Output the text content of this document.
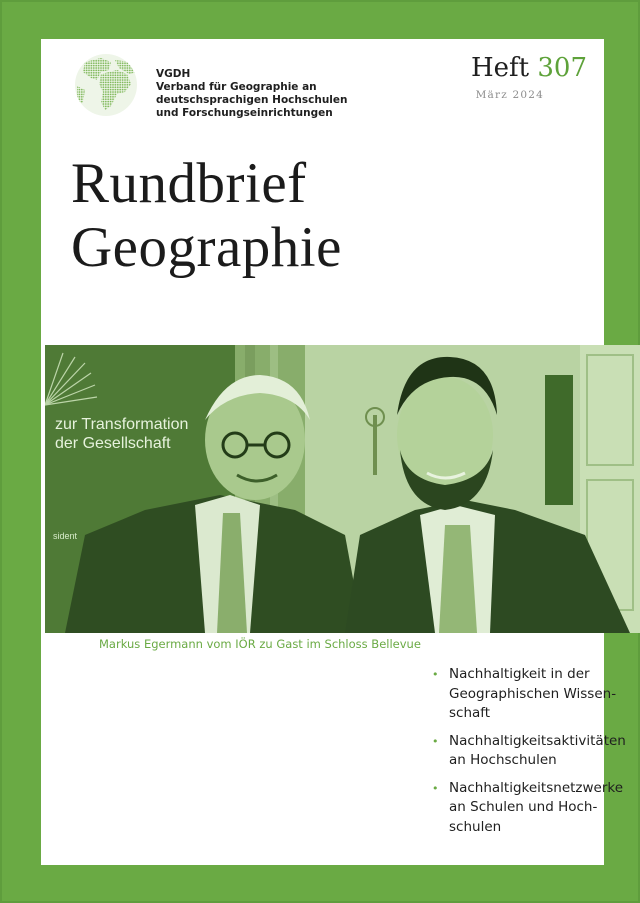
VGDH
Verband für Geographie an
deutschsprachigen Hochschulen
und Forschungseinrichtungen
Heft 307
März 2024
Rundbrief
Geographie
zur Transformation
der Gesellschaft
sident
Markus Egermann vom IÖR zu Gast im Schloss Bellevue
• Nachhaltigkeit in der Geographischen Wissen-schaft
• Nachhaltigkeitsaktivitäten an Hochschulen
• Nachhaltigkeitsnetzwerke an Schulen und Hoch-schulen
